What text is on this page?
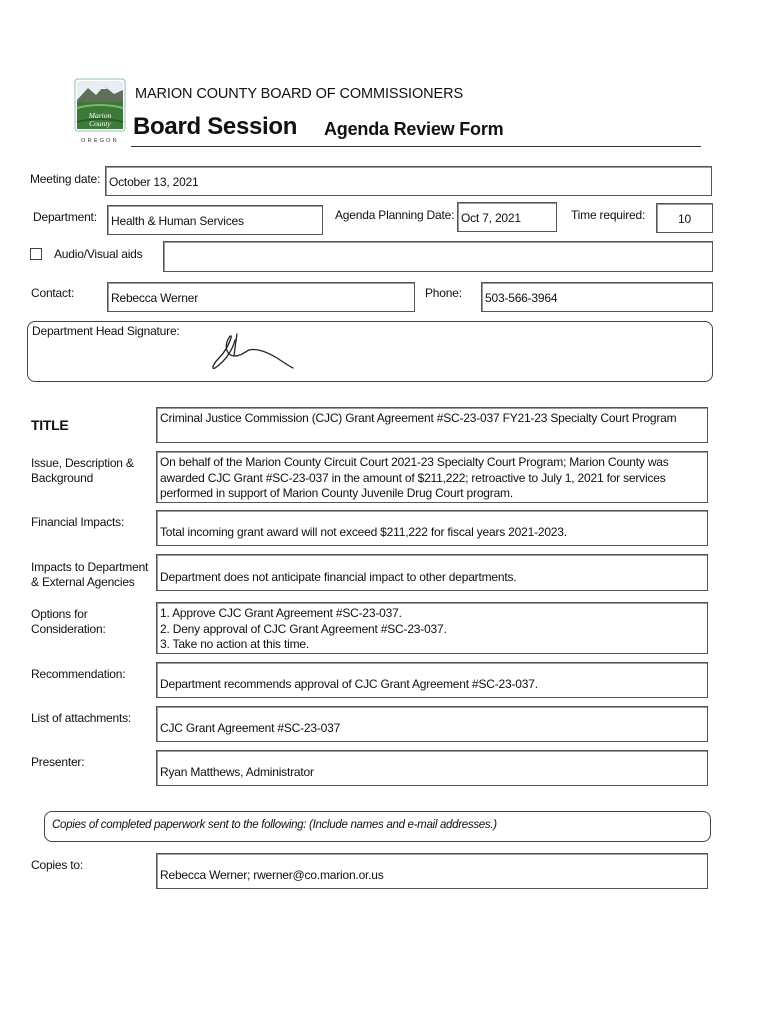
Marion
County
OREGON
MARION COUNTY BOARD OF COMMISSIONERS
Board Session Agenda Review Form
Meeting date: October 13, 2021
Department:	Health & Human Services	Agenda Planning Date: Oct 7, 2021	Time required:	10
Audio/Visual aids
Contact:	Rebecca Werner	Phone:	503-566-3964
Department Head Signature:
TITLE	Criminal Justice Commission (CJC) Grant Agreement #SC-23-037 FY21-23 Specialty Court Program
Issue, Description &
Background
On behalf of the Marion County Circuit Court 2021-23 Specialty Court Program; Marion County was awarded CJC Grant #SC-23-037 in the amount of $211,222; retroactive to July 1, 2021 for services performed in support of Marion County Juvenile Drug Court program.
Financial Impacts:
Total incoming grant award will not exceed $211,222 for fiscal years 2021-2023.
Impacts to Department
& External Agencies	Department does not anticipate financial impact to other departments.
Options for
Consideration:
1. Approve CJC Grant Agreement #SC-23-037.
2. Deny approval of CJC Grant Agreement #SC-23-037.
3. Take no action at this time.
Recommendation:
Department recommends approval of CJC Grant Agreement #SC-23-037.
List of attachments:
CJC Grant Agreement #SC-23-037
Presenter:
Ryan Matthews, Administrator
Copies of completed paperwork sent to the following: (Include names and e-mail addresses.)
Copies to:
Rebecca Werner; rwerner@co.marion.or.us
